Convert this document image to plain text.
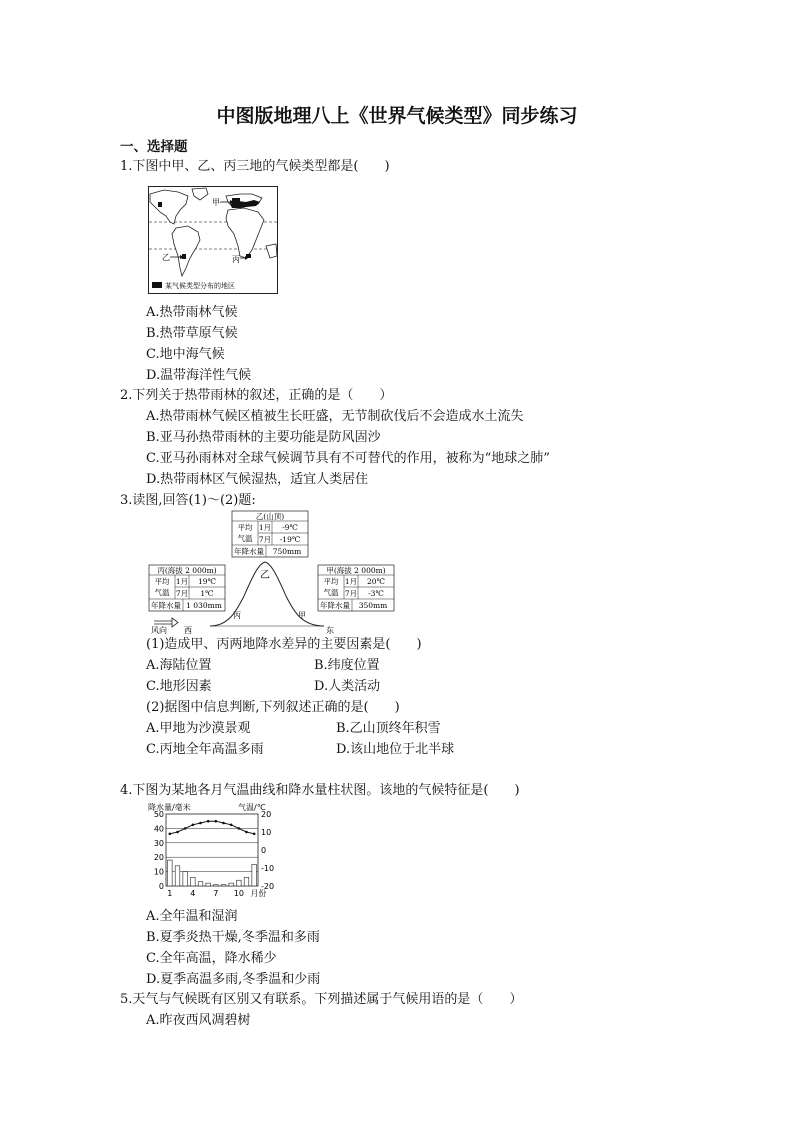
中图版地理八上《世界气候类型》同步练习
一、选择题
1.下图中甲、乙、丙三地的气候类型都是(　　)
甲
乙	丙
某气候类型分布的地区
A.热带雨林气候
B.热带草原气候
C.地中海气候
D.温带海洋性气候
2.下列关于热带雨林的叙述，正确的是（　　）
A.热带雨林气候区植被生长旺盛，无节制砍伐后不会造成水土流失
B.亚马孙热带雨林的主要功能是防风固沙
C.亚马孙雨林对全球气候调节具有不可替代的作用，被称为“地球之肺”
D.热带雨林区气候湿热，适宜人类居住
3.读图,回答(1)～(2)题:
乙(山顶)
平均
气温
1月 -9℃
7月 -19℃
年降水量 750mm
丙(海拔 2 000m)
平均
气温
1月 19℃
7月 1℃
年降水量 1 030mm
甲(海拔 2 000m)
平均
气温
1月 20℃
7月 -3℃
年降水量 350mm
乙
丙	甲
风向 西	东
(1)造成甲、丙两地降水差异的主要因素是(　　)
A.海陆位置	B.纬度位置
C.地形因素	D.人类活动
(2)据图中信息判断,下列叙述正确的是(　　)
A.甲地为沙漠景观	B.乙山顶终年积雪
C.丙地全年高温多雨	D.该山地位于北半球
4.下图为某地各月气温曲线和降水量柱状图。该地的气候特征是(　　)
降水量/毫米	气温/℃
50
40
30
20
10
0
20
10
0
-10
-20
1 4 7 10 月份
A.全年温和湿润
B.夏季炎热干燥,冬季温和多雨
C.全年高温，降水稀少
D.夏季高温多雨,冬季温和少雨
5.天气与气候既有区别又有联系。下列描述属于气候用语的是（　　）
A.昨夜西风凋碧树
